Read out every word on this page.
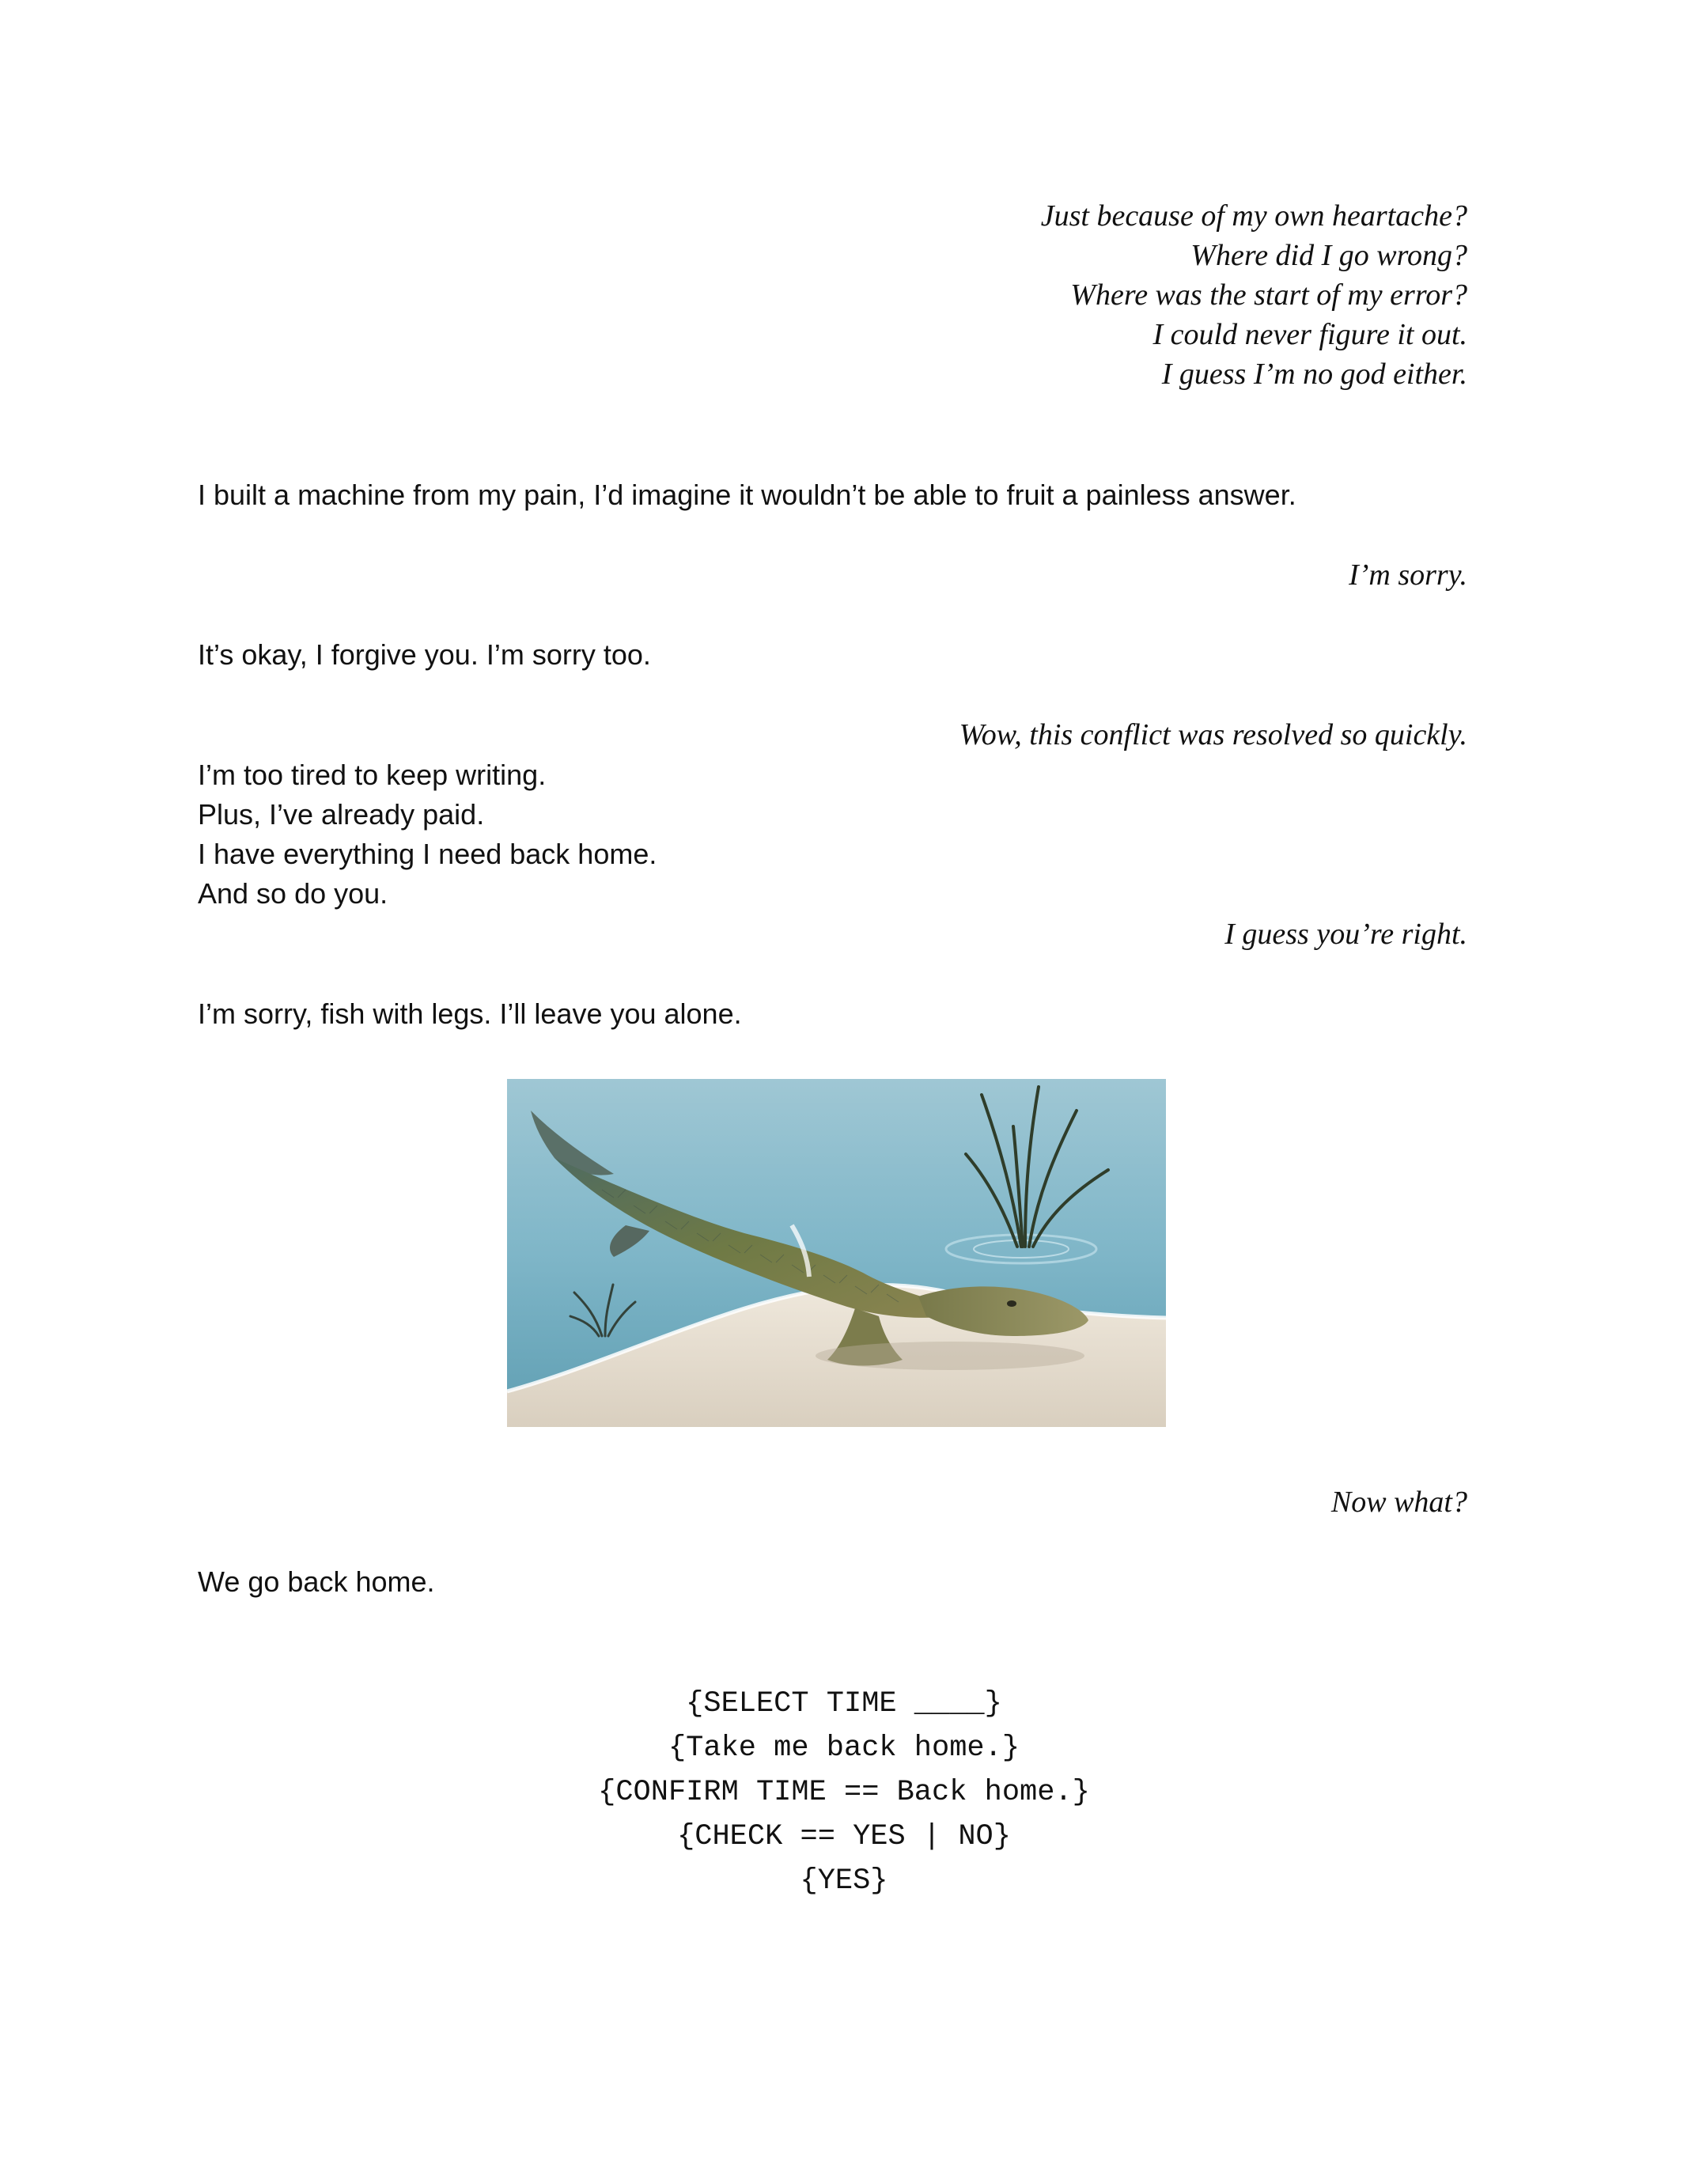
Just because of my own heartache?
Where did I go wrong?
Where was the start of my error?
I could never figure it out.
I guess I’m no god either.
I built a machine from my pain, I’d imagine it wouldn’t be able to fruit a painless answer.
I’m sorry.
It’s okay, I forgive you. I’m sorry too.
Wow, this conflict was resolved so quickly.
I’m too tired to keep writing.
Plus, I’ve already paid.
I have everything I need back home.
And so do you.
I guess you’re right.
I’m sorry, fish with legs. I’ll leave you alone.
Now what?
We go back home.
{SELECT TIME ____}
{Take me back home.}
{CONFIRM TIME == Back home.}
{CHECK == YES | NO}
{YES}
